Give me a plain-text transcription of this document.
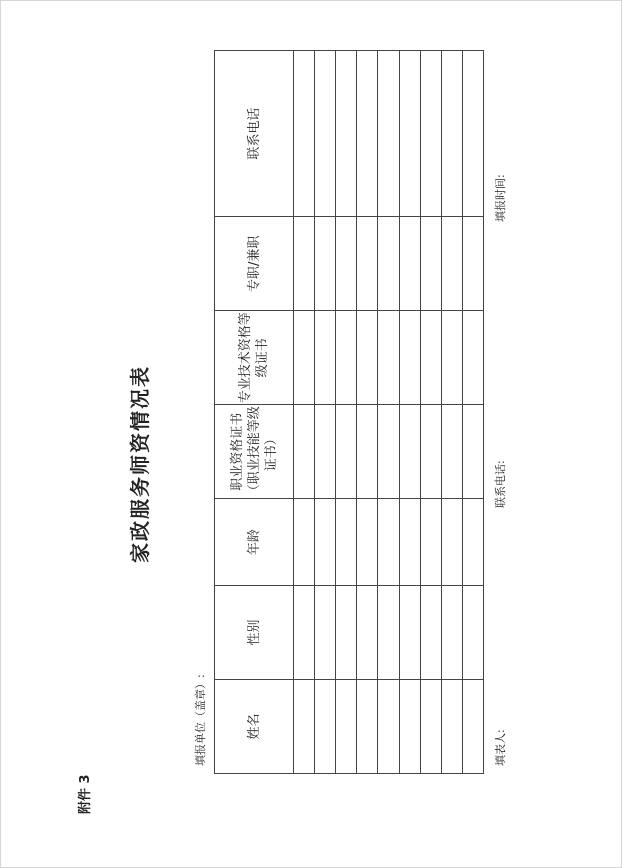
附件 3
家政服务师资情况表
填报单位（盖章）:	姓名	性别	年龄	职业资格证书（职业技能等级证书）	专业技术资格等级证书	专职/兼职	联系电话

填表人:
联系电话:
填报时间:
